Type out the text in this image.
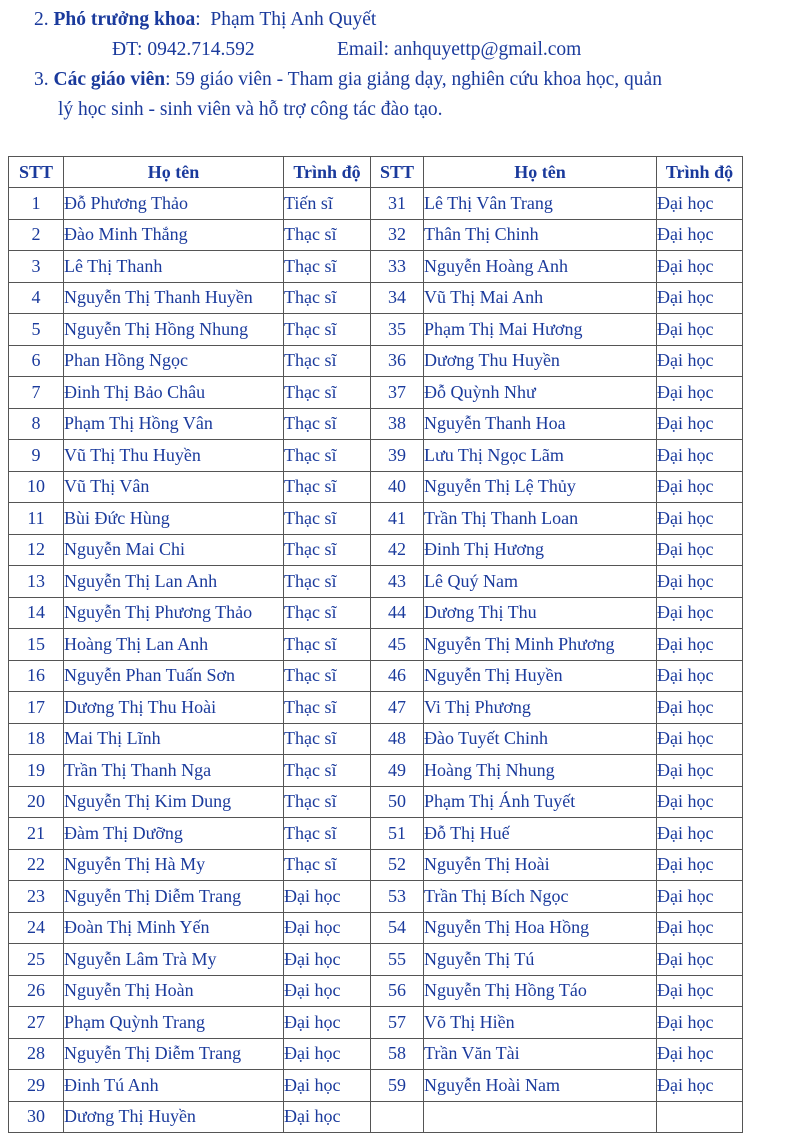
2. Phó trưởng khoa: Phạm Thị Anh Quyết
ĐT: 0942.714.592	Email: anhquyettp@gmail.com
3. Các giáo viên: 59 giáo viên - Tham gia giảng dạy, nghiên cứu khoa học, quản
lý học sinh - sinh viên và hỗ trợ công tác đào tạo.
STT	Họ tên	Trình độ	STT	Họ tên	Trình độ
1	Đỗ Phương Thảo	Tiến sĩ	31	Lê Thị Vân Trang	Đại học
2	Đào Minh Thắng	Thạc sĩ	32	Thân Thị Chinh	Đại học
3	Lê Thị Thanh	Thạc sĩ	33	Nguyễn Hoàng Anh	Đại học
4	Nguyễn Thị Thanh Huyền	Thạc sĩ	34	Vũ Thị Mai Anh	Đại học
5	Nguyễn Thị Hồng Nhung	Thạc sĩ	35	Phạm Thị Mai Hương	Đại học
6	Phan Hồng Ngọc	Thạc sĩ	36	Dương Thu Huyền	Đại học
7	Đinh Thị Bảo Châu	Thạc sĩ	37	Đỗ Quỳnh Như	Đại học
8	Phạm Thị Hồng Vân	Thạc sĩ	38	Nguyễn Thanh Hoa	Đại học
9	Vũ Thị Thu Huyền	Thạc sĩ	39	Lưu Thị Ngọc Lãm	Đại học
10	Vũ Thị Vân	Thạc sĩ	40	Nguyễn Thị Lệ Thủy	Đại học
11	Bùi Đức Hùng	Thạc sĩ	41	Trần Thị Thanh Loan	Đại học
12	Nguyễn Mai Chi	Thạc sĩ	42	Đinh Thị Hương	Đại học
13	Nguyễn Thị Lan Anh	Thạc sĩ	43	Lê Quý Nam	Đại học
14	Nguyễn Thị Phương Thảo	Thạc sĩ	44	Dương Thị Thu	Đại học
15	Hoàng Thị Lan Anh	Thạc sĩ	45	Nguyễn Thị Minh Phương	Đại học
16	Nguyễn Phan Tuấn Sơn	Thạc sĩ	46	Nguyễn Thị Huyền	Đại học
17	Dương Thị Thu Hoài	Thạc sĩ	47	Vi Thị Phương	Đại học
18	Mai Thị Lĩnh	Thạc sĩ	48	Đào Tuyết Chinh	Đại học
19	Trần Thị Thanh Nga	Thạc sĩ	49	Hoàng Thị Nhung	Đại học
20	Nguyễn Thị Kim Dung	Thạc sĩ	50	Phạm Thị Ánh Tuyết	Đại học
21	Đàm Thị Dưỡng	Thạc sĩ	51	Đỗ Thị Huế	Đại học
22	Nguyễn Thị Hà My	Thạc sĩ	52	Nguyễn Thị Hoài	Đại học
23	Nguyễn Thị Diễm Trang	Đại học	53	Trần Thị Bích Ngọc	Đại học
24	Đoàn Thị Minh Yến	Đại học	54	Nguyễn Thị Hoa Hồng	Đại học
25	Nguyễn Lâm Trà My	Đại học	55	Nguyễn Thị Tú	Đại học
26	Nguyễn Thị Hoàn	Đại học	56	Nguyễn Thị Hồng Táo	Đại học
27	Phạm Quỳnh Trang	Đại học	57	Võ Thị Hiền	Đại học
28	Nguyễn Thị Diễm Trang	Đại học	58	Trần Văn Tài	Đại học
29	Đinh Tú Anh	Đại học	59	Nguyễn Hoài Nam	Đại học
30	Dương Thị Huyền	Đại học			
